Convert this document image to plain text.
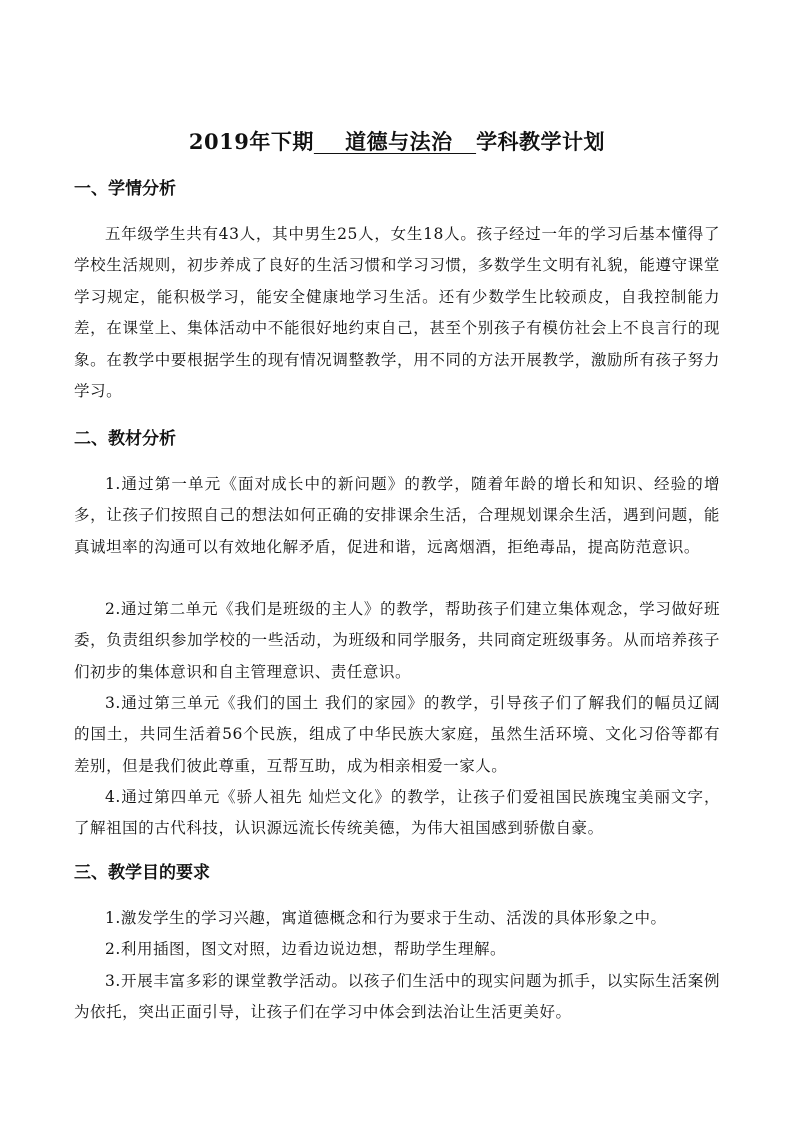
2019年下期    道德与法治   学科教学计划
一、学情分析

五年级学生共有43人，其中男生25人，女生18人。孩子经过一年的学习后基本懂得了学校生活规则，初步养成了良好的生活习惯和学习习惯，多数学生文明有礼貌，能遵守课堂学习规定，能积极学习，能安全健康地学习生活。还有少数学生比较顽皮，自我控制能力差，在课堂上、集体活动中不能很好地约束自己，甚至个别孩子有模仿社会上不良言行的现象。在教学中要根据学生的现有情况调整教学，用不同的方法开展教学，激励所有孩子努力学习。

二、教材分析

1.通过第一单元《面对成长中的新问题》的教学，随着年龄的增长和知识、经验的增多，让孩子们按照自己的想法如何正确的安排课余生活，合理规划课余生活，遇到问题，能真诚坦率的沟通可以有效地化解矛盾，促进和谐，远离烟酒，拒绝毒品，提高防范意识。

2.通过第二单元《我们是班级的主人》的教学，帮助孩子们建立集体观念，学习做好班委，负责组织参加学校的一些活动，为班级和同学服务，共同商定班级事务。从而培养孩子们初步的集体意识和自主管理意识、责任意识。

3.通过第三单元《我们的国土 我们的家园》的教学，引导孩子们了解我们的幅员辽阔的国土，共同生活着56个民族，组成了中华民族大家庭，虽然生活环境、文化习俗等都有差别，但是我们彼此尊重，互帮互助，成为相亲相爱一家人。

4.通过第四单元《骄人祖先 灿烂文化》的教学，让孩子们爱祖国民族瑰宝美丽文字，了解祖国的古代科技，认识源远流长传统美德，为伟大祖国感到骄傲自豪。

三、教学目的要求

1.激发学生的学习兴趣，寓道德概念和行为要求于生动、活泼的具体形象之中。

2.利用插图，图文对照，边看边说边想，帮助学生理解。

3.开展丰富多彩的课堂教学活动。以孩子们生活中的现实问题为抓手，以实际生活案例为依托，突出正面引导，让孩子们在学习中体会到法治让生活更美好。
